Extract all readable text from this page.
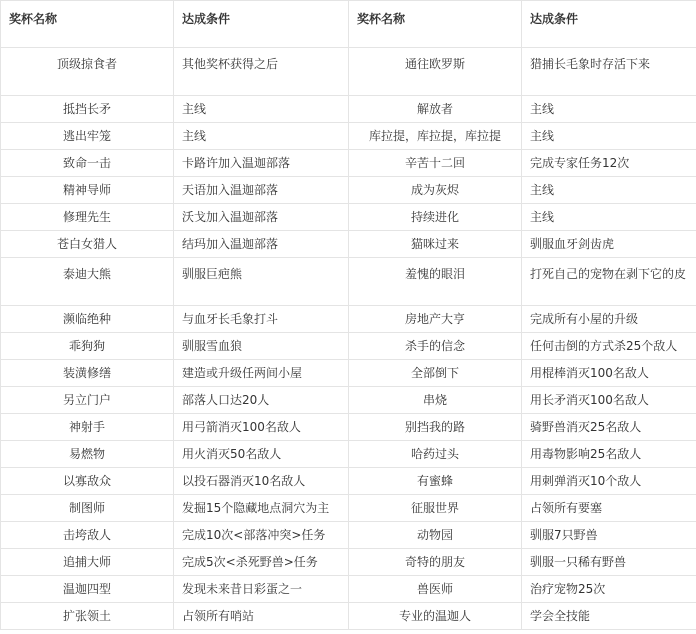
奖杯名称	达成条件	奖杯名称	达成条件
顶级掠食者	其他奖杯获得之后	通往欧罗斯	猎捕长毛象时存活下来
抵挡长矛	主线	解放者	主线
逃出牢笼	主线	库拉提，库拉提，库拉提	主线
致命一击	卡路许加入温迦部落	辛苦十二回	完成专家任务12次
精神导师	天语加入温迦部落	成为灰烬	主线
修理先生	沃戈加入温迦部落	持续进化	主线
苍白女猎人	结玛加入温迦部落	猫咪过来	驯服血牙剑齿虎
泰迪大熊	驯服巨疤熊	羞愧的眼泪	打死自己的宠物在剥下它的皮
濒临绝种	与血牙长毛象打斗	房地产大亨	完成所有小屋的升级
乖狗狗	驯服雪血狼	杀手的信念	任何击倒的方式杀25个敌人
装潢修缮	建造或升级任两间小屋	全部倒下	用棍棒消灭100名敌人
另立门户	部落人口达20人	串烧	用长矛消灭100名敌人
神射手	用弓箭消灭100名敌人	别挡我的路	骑野兽消灭25名敌人
易燃物	用火消灭50名敌人	哈药过头	用毒物影响25名敌人
以寡敌众	以投石器消灭10名敌人	有蜜蜂	用刺弹消灭10个敌人
制图师	发掘15个隐藏地点洞穴为主	征服世界	占领所有要塞
击垮敌人	完成10次<部落冲突>任务	动物园	驯服7只野兽
追捕大师	完成5次<杀死野兽>任务	奇特的朋友	驯服一只稀有野兽
温迦四型	发现未来昔日彩蛋之一	兽医师	治疗宠物25次
扩张领土	占领所有哨站	专业的温迦人	学会全技能
